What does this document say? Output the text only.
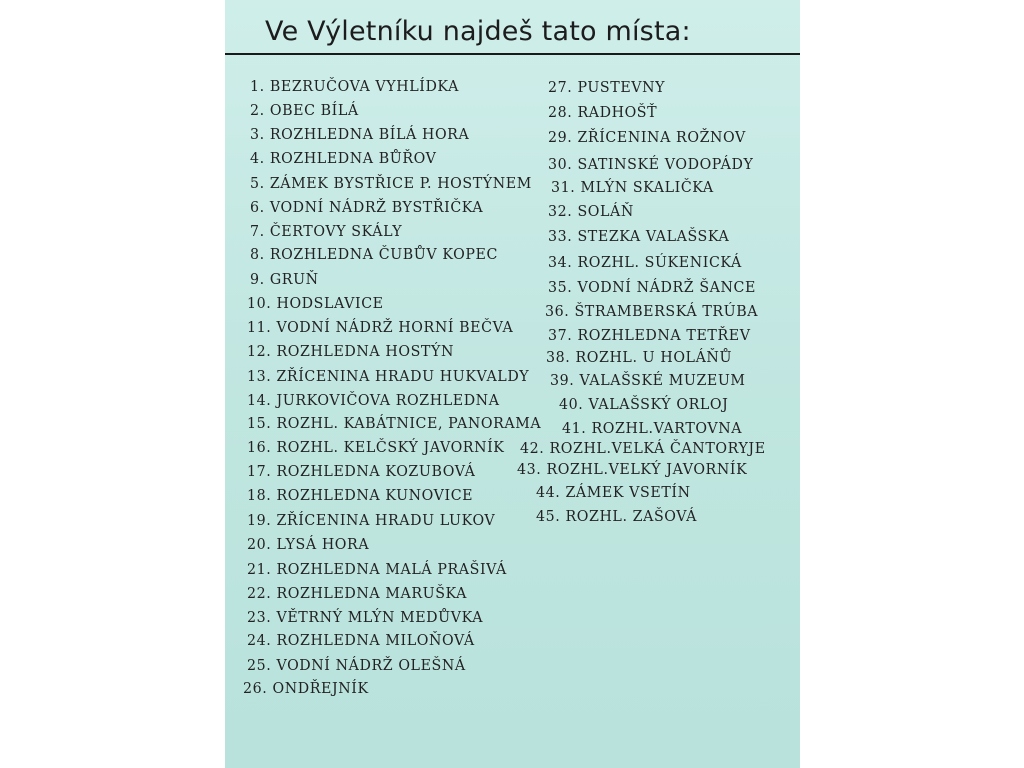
Ve Výletníku najdeš tato místa:
1. BEZRUČOVA VYHLÍDKA
2. OBEC BÍLÁ
3. ROZHLEDNA BÍLÁ HORA
4. ROZHLEDNA BŮŘOV
5. ZÁMEK BYSTŘICE P. HOSTÝNEM
6. VODNÍ NÁDRŽ BYSTŘIČKA
7. ČERTOVY SKÁLY
8. ROZHLEDNA ČUBŮV KOPEC
9. GRUŇ
10. HODSLAVICE
11. VODNÍ NÁDRŽ HORNÍ BEČVA
12. ROZHLEDNA HOSTÝN
13. ZŘÍCENINA HRADU HUKVALDY
14. JURKOVIČOVA ROZHLEDNA
15. ROZHL. KABÁTNICE, PANORAMA
16. ROZHL. KELČSKÝ JAVORNÍK
17. ROZHLEDNA KOZUBOVÁ
18. ROZHLEDNA KUNOVICE
19. ZŘÍCENINA HRADU LUKOV
20. LYSÁ HORA
21. ROZHLEDNA MALÁ PRAŠIVÁ
22. ROZHLEDNA MARUŠKA
23. VĚTRNÝ MLÝN MEDŮVKA
24. ROZHLEDNA MILOŇOVÁ
25. VODNÍ NÁDRŽ OLEŠNÁ
26. ONDŘEJNÍK
27. PUSTEVNY
28. RADHOŠŤ
29. ZŘÍCENINA ROŽNOV
30. SATINSKÉ VODOPÁDY
31. MLÝN SKALIČKA
32. SOLÁŇ
33. STEZKA VALAŠSKA
34. ROZHL. SÚKENICKÁ
35. VODNÍ NÁDRŽ ŠANCE
36. ŠTRAMBERSKÁ TRÚBA
37. ROZHLEDNA TETŘEV
38. ROZHL. U HOLÁŇŮ
39. VALAŠSKÉ MUZEUM
40. VALAŠSKÝ ORLOJ
41. ROZHL.VARTOVNA
42. ROZHL.VELKÁ ČANTORYJE
43. ROZHL.VELKÝ JAVORNÍK
44. ZÁMEK VSETÍN
45. ROZHL. ZAŠOVÁ
